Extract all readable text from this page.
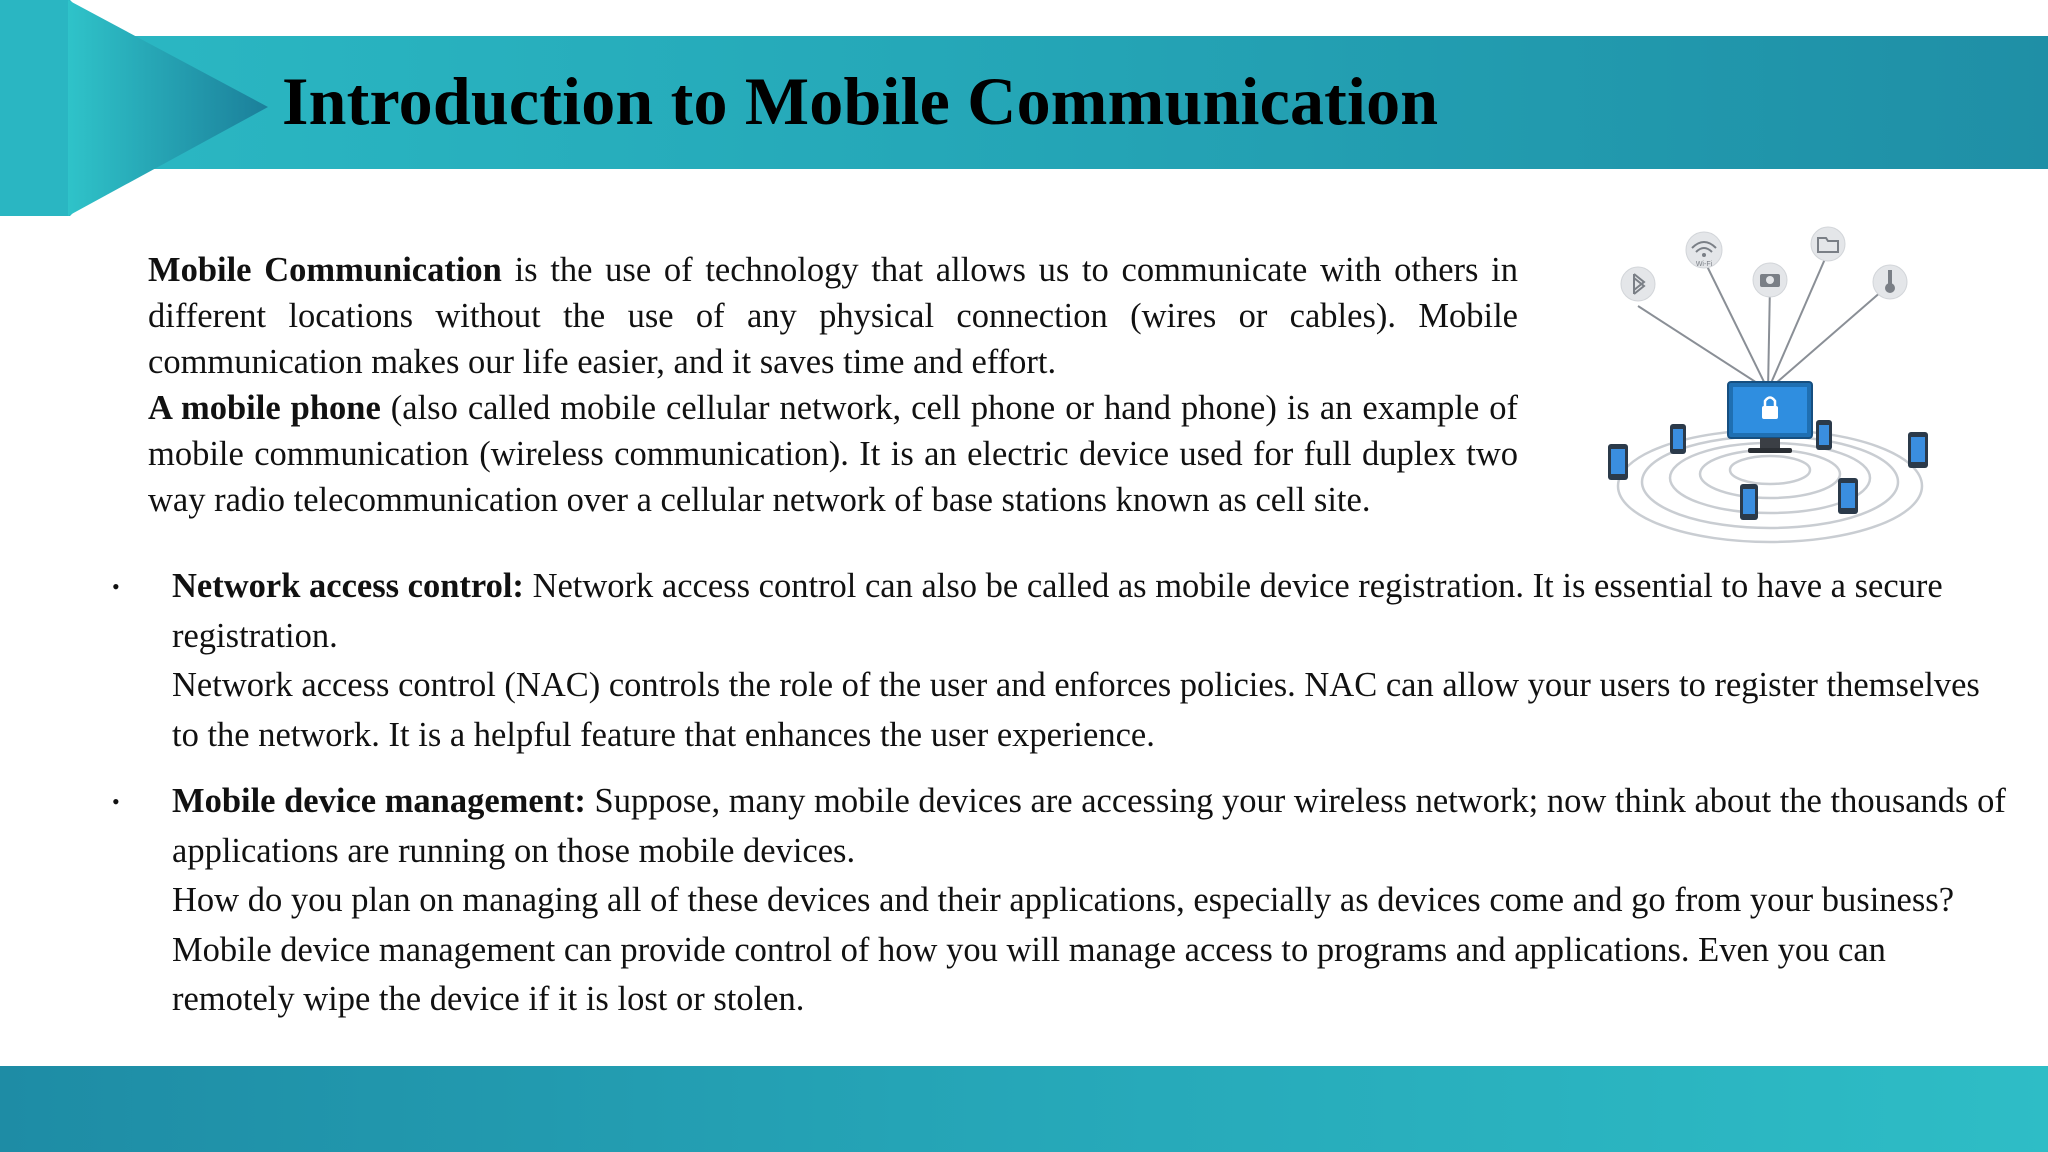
Introduction to Mobile Communication

Mobile Communication is the use of technology that allows us to communicate with others in different locations without the use of any physical connection (wires or cables). Mobile communication makes our life easier, and it saves time and effort.

A mobile phone (also called mobile cellular network, cell phone or hand phone) is an example of mobile communication (wireless communication). It is an electric device used for full duplex two way radio telecommunication over a cellular network of base stations known as cell site.

Wi-Fi
• Network access control: Network access control can also be called as mobile device registration. It is essential to have a secure registration.

Network access control (NAC) controls the role of the user and enforces policies. NAC can allow your users to register themselves to the network. It is a helpful feature that enhances the user experience.

• Mobile device management: Suppose, many mobile devices are accessing your wireless network; now think about the thousands of applications are running on those mobile devices.

How do you plan on managing all of these devices and their applications, especially as devices come and go from your business?

Mobile device management can provide control of how you will manage access to programs and applications. Even you can remotely wipe the device if it is lost or stolen.
